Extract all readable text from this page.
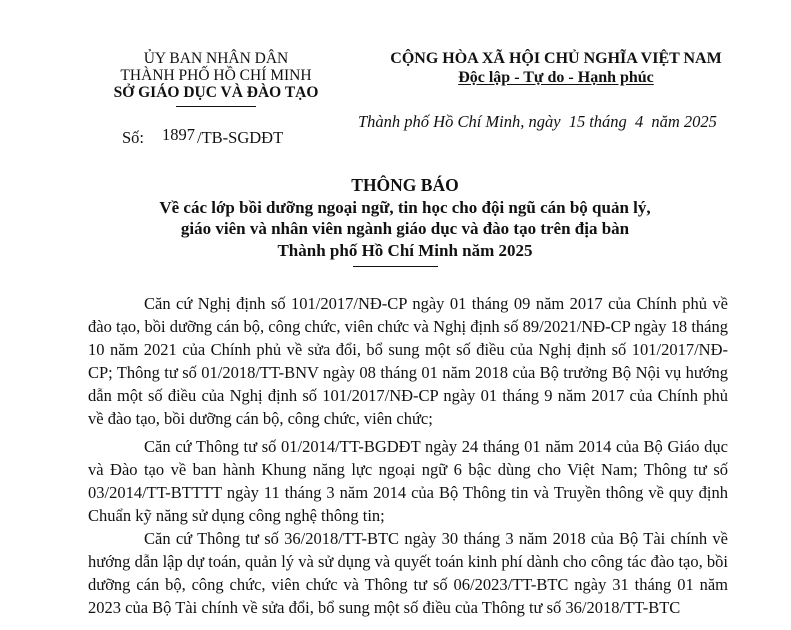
ỦY BAN NHÂN DÂN
THÀNH PHỐ HỒ CHÍ MINH
SỞ GIÁO DỤC VÀ ĐÀO TẠO
CỘNG HÒA XÃ HỘI CHỦ NGHĨA VIỆT NAM
Độc lập - Tự do - Hạnh phúc
Thành phố Hồ Chí Minh, ngày 15 tháng 4 năm 2025
Số: 1897 /TB-SGDĐT
THÔNG BÁO
Về các lớp bồi dưỡng ngoại ngữ, tin học cho đội ngũ cán bộ quản lý,
giáo viên và nhân viên ngành giáo dục và đào tạo trên địa bàn
Thành phố Hồ Chí Minh năm 2025
Căn cứ Nghị định số 101/2017/NĐ-CP ngày 01 tháng 09 năm 2017 của Chính phủ về đào tạo, bồi dưỡng cán bộ, công chức, viên chức và Nghị định số 89/2021/NĐ-CP ngày 18 tháng 10 năm 2021 của Chính phủ về sửa đổi, bổ sung một số điều của Nghị định số 101/2017/NĐ-CP; Thông tư số 01/2018/TT-BNV ngày 08 tháng 01 năm 2018 của Bộ trưởng Bộ Nội vụ hướng dẫn một số điều của Nghị định số 101/2017/NĐ-CP ngày 01 tháng 9 năm 2017 của Chính phủ về đào tạo, bồi dưỡng cán bộ, công chức, viên chức;
Căn cứ Thông tư số 01/2014/TT-BGDĐT ngày 24 tháng 01 năm 2014 của Bộ Giáo dục và Đào tạo về ban hành Khung năng lực ngoại ngữ 6 bậc dùng cho Việt Nam; Thông tư số 03/2014/TT-BTTTT ngày 11 tháng 3 năm 2014 của Bộ Thông tin và Truyền thông về quy định Chuẩn kỹ năng sử dụng công nghệ thông tin;
Căn cứ Thông tư số 36/2018/TT-BTC ngày 30 tháng 3 năm 2018 của Bộ Tài chính về hướng dẫn lập dự toán, quản lý và sử dụng và quyết toán kinh phí dành cho công tác đào tạo, bồi dưỡng cán bộ, công chức, viên chức và Thông tư số 06/2023/TT-BTC ngày 31 tháng 01 năm 2023 của Bộ Tài chính về sửa đổi, bổ sung một số điều của Thông tư số 36/2018/TT-BTC
